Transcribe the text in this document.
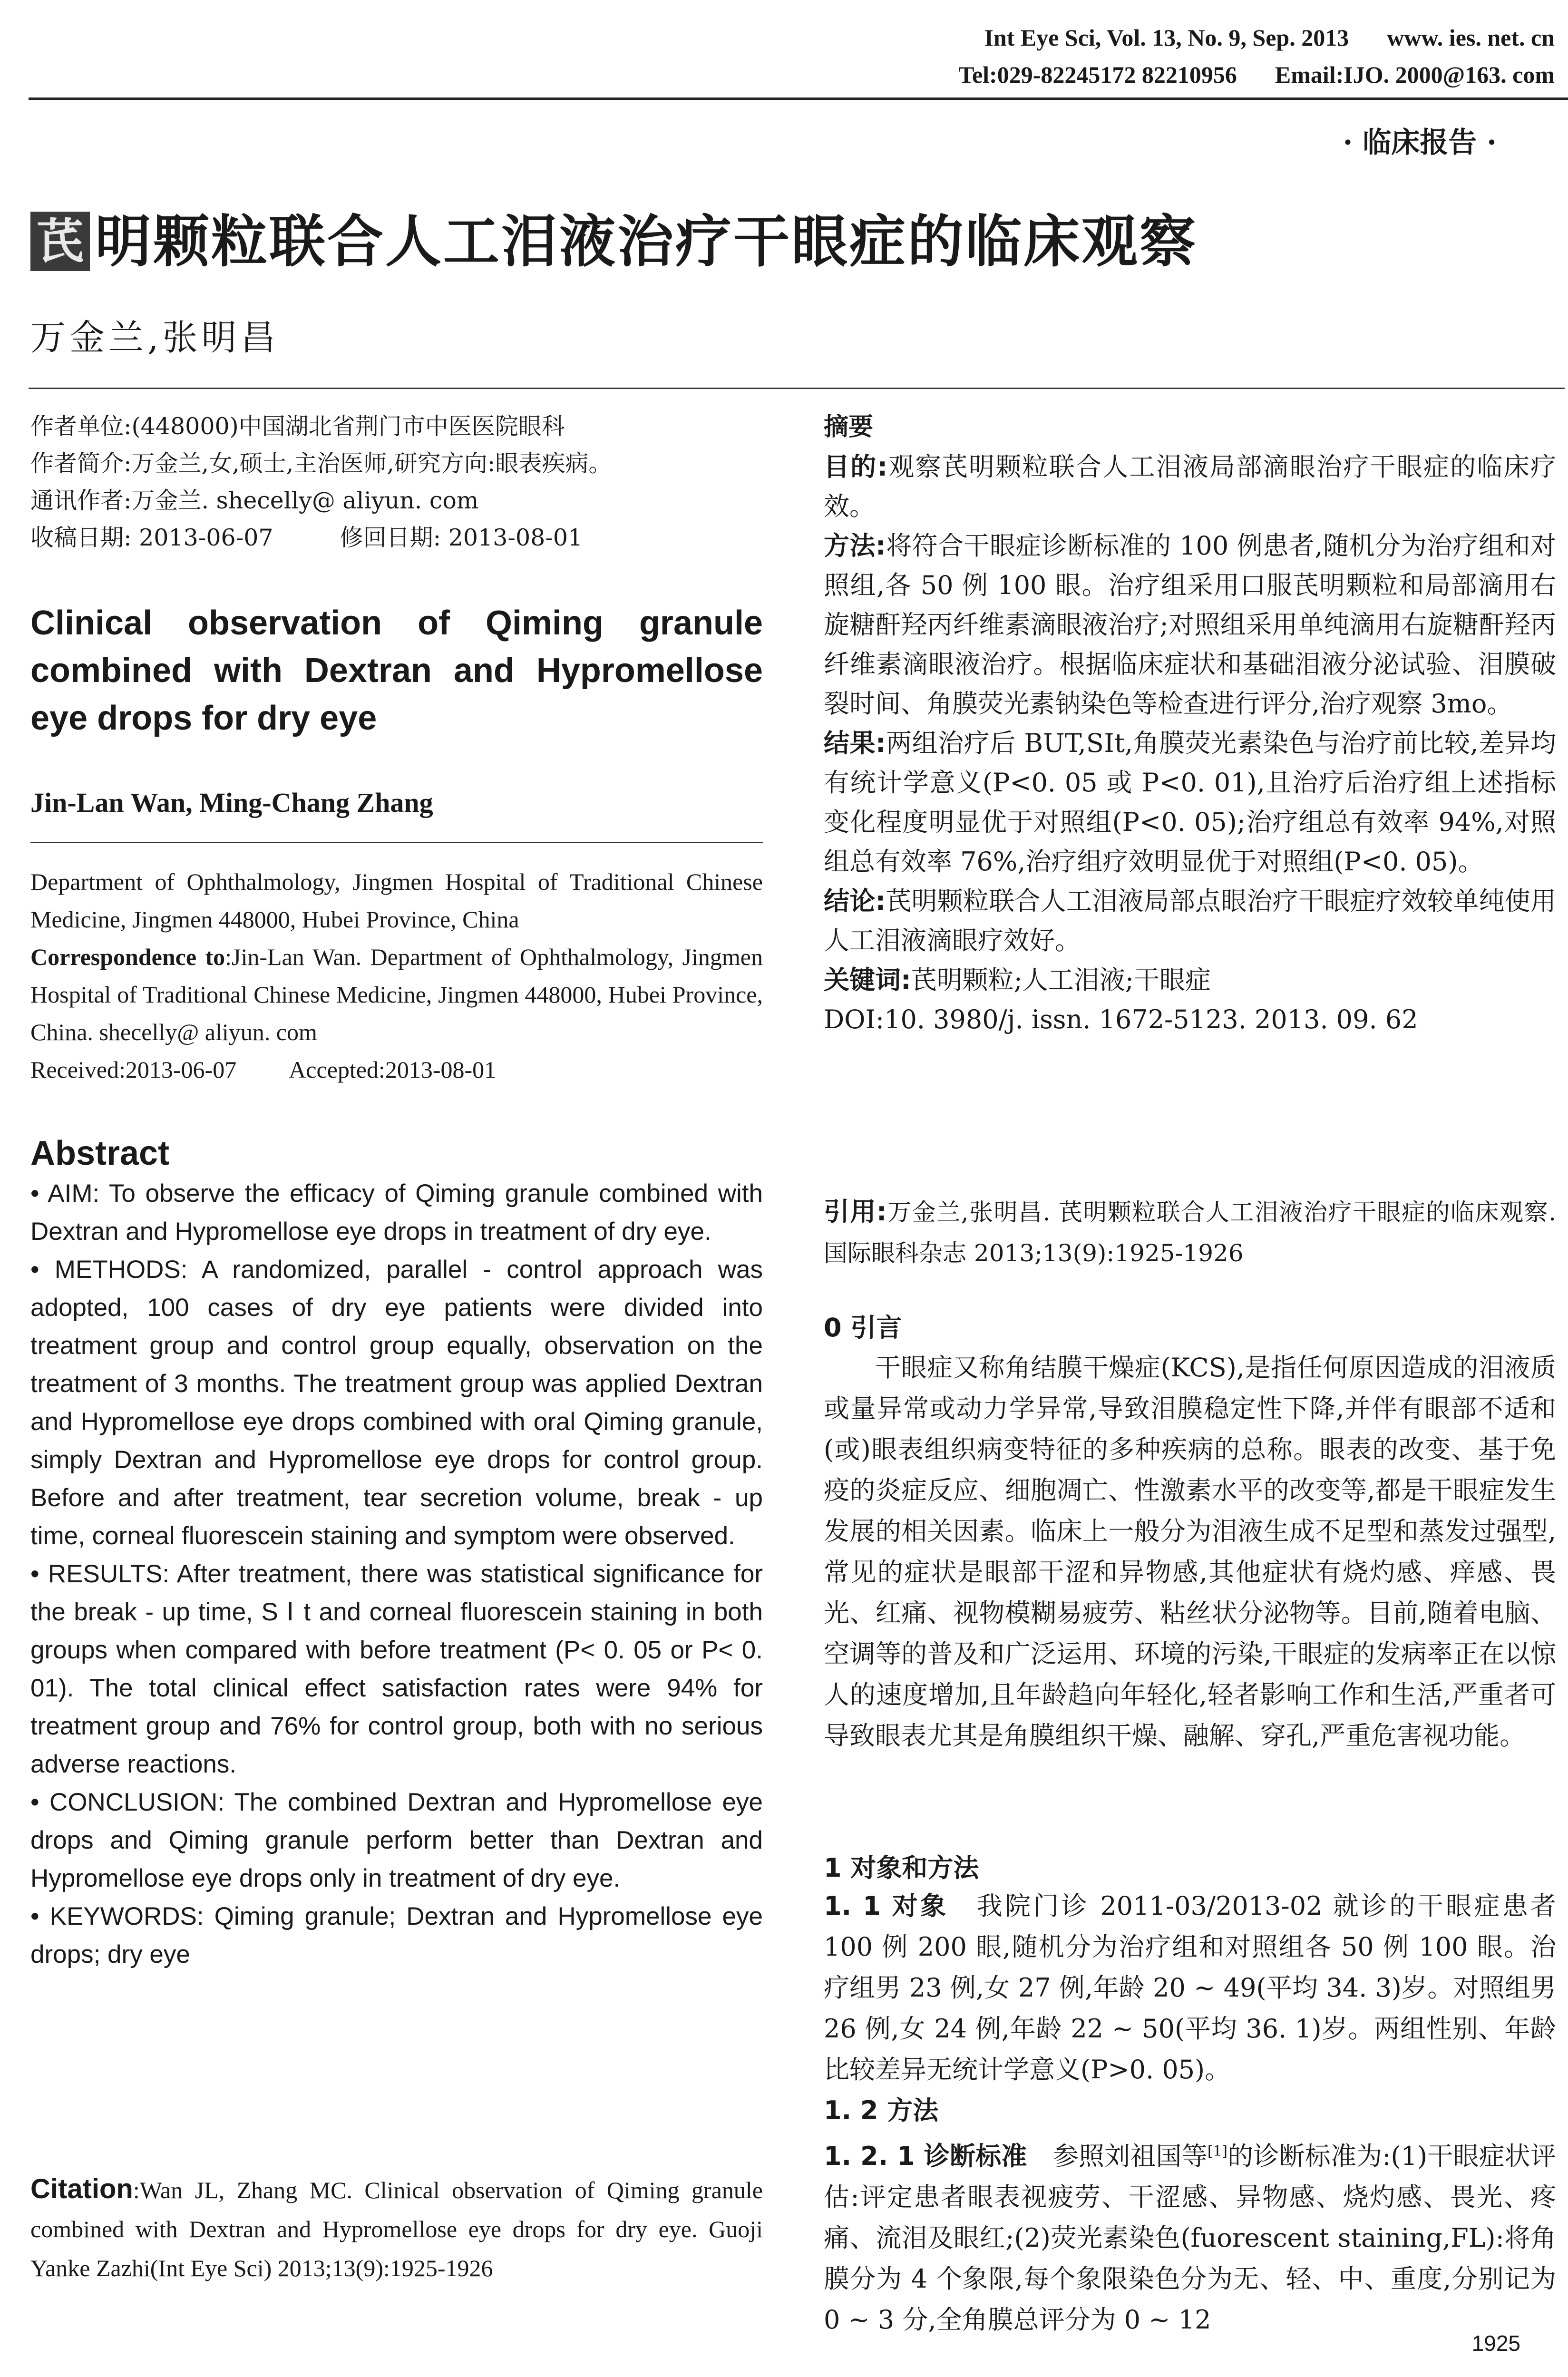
Int Eye Sci, Vol. 13, No. 9, Sep. 2013 www. ies. net. cn
Tel:029-82245172 82210956 Email:IJO. 2000@163. com
· 临床报告 ·
芪 明颗粒联合人工泪液治疗干眼症的临床观察
万金兰,张明昌
作者单位:(448000)中国湖北省荆门市中医医院眼科
作者简介:万金兰,女,硕士,主治医师,研究方向:眼表疾病。
通讯作者:万金兰. shecelly@ aliyun. com
收稿日期: 2013-06-07	修回日期: 2013-08-01
Clinical observation of Qiming granule combined with Dextran and Hypromellose eye drops for dry eye
Jin-Lan Wan, Ming-Chang Zhang
Department of Ophthalmology, Jingmen Hospital of Traditional Chinese Medicine, Jingmen 448000, Hubei Province, China
Correspondence to:Jin-Lan Wan. Department of Ophthalmology, Jingmen Hospital of Traditional Chinese Medicine, Jingmen 448000, Hubei Province, China. shecelly@ aliyun. com
Received:2013-06-07 Accepted:2013-08-01
Abstract

• AIM: To observe the efficacy of Qiming granule combined with Dextran and Hypromellose eye drops in treatment of dry eye.

• METHODS: A randomized, parallel - control approach was adopted, 100 cases of dry eye patients were divided into treatment group and control group equally, observation on the treatment of 3 months. The treatment group was applied Dextran and Hypromellose eye drops combined with oral Qiming granule, simply Dextran and Hypromellose eye drops for control group. Before and after treatment, tear secretion volume, break - up time, corneal fluorescein staining and symptom were observed.

• RESULTS: After treatment, there was statistical significance for the break - up time, S Ⅰ t and corneal fluorescein staining in both groups when compared with before treatment (P< 0. 05 or P< 0. 01). The total clinical effect satisfaction rates were 94% for treatment group and 76% for control group, both with no serious adverse reactions.

• CONCLUSION: The combined Dextran and Hypromellose eye drops and Qiming granule perform better than Dextran and Hypromellose eye drops only in treatment of dry eye.

• KEYWORDS: Qiming granule; Dextran and Hypromellose eye drops; dry eye

Citation:Wan JL, Zhang MC. Clinical observation of Qiming granule combined with Dextran and Hypromellose eye drops for dry eye. Guoji Yanke Zazhi(Int Eye Sci) 2013;13(9):1925-1926
摘要

目的:观察芪明颗粒联合人工泪液局部滴眼治疗干眼症的临床疗效。

方法:将符合干眼症诊断标准的 100 例患者,随机分为治疗组和对照组,各 50 例 100 眼。治疗组采用口服芪明颗粒和局部滴用右旋糖酐羟丙纤维素滴眼液治疗;对照组采用单纯滴用右旋糖酐羟丙纤维素滴眼液治疗。根据临床症状和基础泪液分泌试验、泪膜破裂时间、角膜荧光素钠染色等检查进行评分,治疗观察 3mo。

结果:两组治疗后 BUT,SⅠt,角膜荧光素染色与治疗前比较,差异均有统计学意义(P<0. 05 或 P<0. 01),且治疗后治疗组上述指标变化程度明显优于对照组(P<0. 05);治疗组总有效率 94%,对照组总有效率 76%,治疗组疗效明显优于对照组(P<0. 05)。

结论:芪明颗粒联合人工泪液局部点眼治疗干眼症疗效较单纯使用人工泪液滴眼疗效好。

关键词:芪明颗粒;人工泪液;干眼症

DOI:10. 3980/j. issn. 1672-5123. 2013. 09. 62

引用:万金兰,张明昌. 芪明颗粒联合人工泪液治疗干眼症的临床观察. 国际眼科杂志 2013;13(9):1925-1926
0 引言
干眼症又称角结膜干燥症(KCS),是指任何原因造成的泪液质或量异常或动力学异常,导致泪膜稳定性下降,并伴有眼部不适和(或)眼表组织病变特征的多种疾病的总称。眼表的改变、基于免疫的炎症反应、细胞凋亡、性激素水平的改变等,都是干眼症发生发展的相关因素。临床上一般分为泪液生成不足型和蒸发过强型,常见的症状是眼部干涩和异物感,其他症状有烧灼感、痒感、畏光、红痛、视物模糊易疲劳、粘丝状分泌物等。目前,随着电脑、空调等的普及和广泛运用、环境的污染,干眼症的发病率正在以惊人的速度增加,且年龄趋向年轻化,轻者影响工作和生活,严重者可导致眼表尤其是角膜组织干燥、融解、穿孔,严重危害视功能。
1 对象和方法

1. 1 对象 我院门诊 2011-03/2013-02 就诊的干眼症患者 100 例 200 眼,随机分为治疗组和对照组各 50 例 100 眼。治疗组男 23 例,女 27 例,年龄 20 ~ 49(平均 34. 3)岁。对照组男 26 例,女 24 例,年龄 22 ~ 50(平均 36. 1)岁。两组性别、年龄比较差异无统计学意义(P>0. 05)。

1. 2 方法

1. 2. 1 诊断标准 参照刘祖国等[1]的诊断标准为:(1)干眼症状评估:评定患者眼表视疲劳、干涩感、异物感、烧灼感、畏光、疼痛、流泪及眼红;(2)荧光素染色(fuorescent staining,FL):将角膜分为 4 个象限,每个象限染色分为无、轻、中、重度,分别记为 0 ~ 3 分,全角膜总评分为 0 ~ 12

1925
